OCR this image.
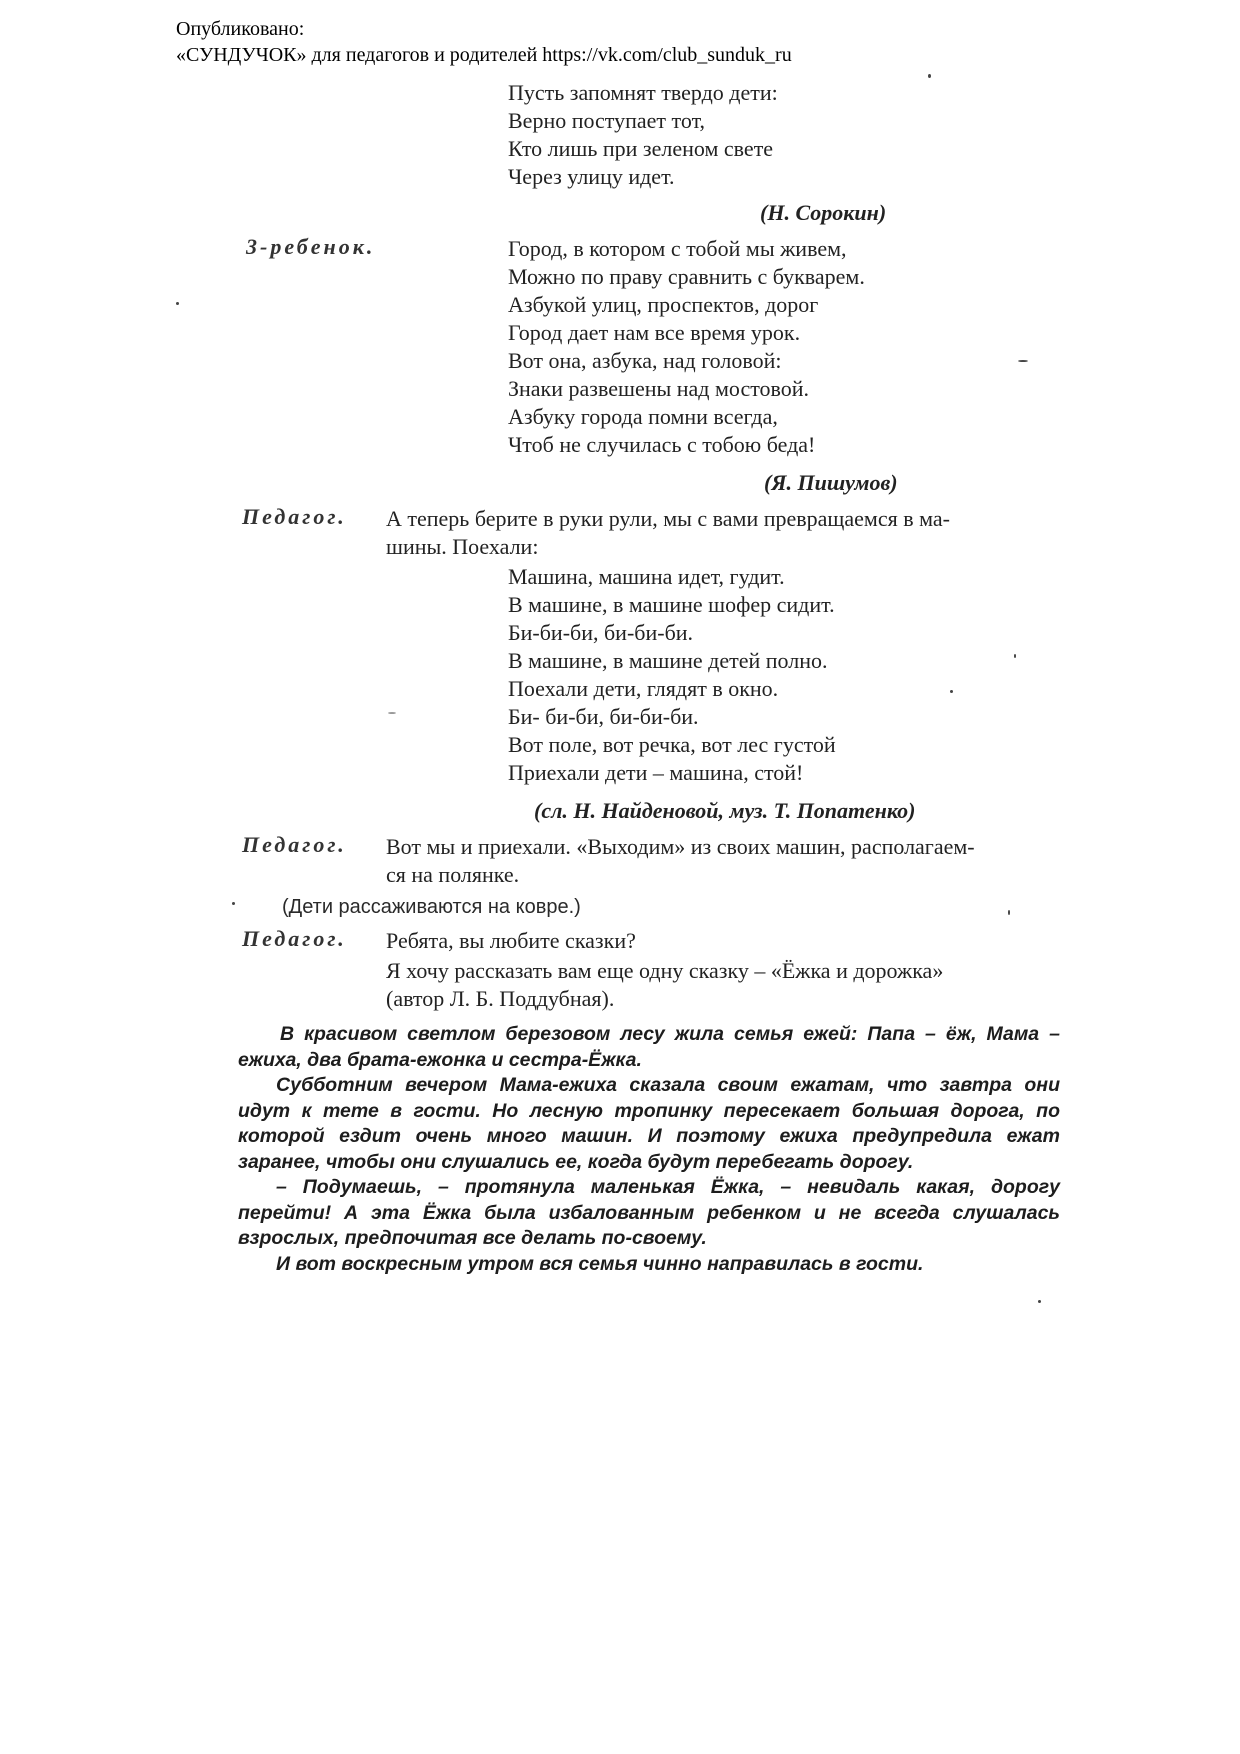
Опубликовано:
«СУНДУЧОК» для педагогов и родителей https://vk.com/club_sunduk_ru
Пусть запомнят твердо дети:
Верно поступает тот,
Кто лишь при зеленом свете
Через улицу идет.
(Н. Сорокин)
3-ребенок.	Город, в котором с тобой мы живем,
Можно по праву сравнить с букварем.
Азбукой улиц, проспектов, дорог
Город дает нам все время урок.
Вот она, азбука, над головой:
Знаки развешены над мостовой.
Азбуку города помни всегда,
Чтоб не случилась с тобою беда!
(Я. Пишумов)
Педагог. А теперь берите в руки рули, мы с вами превращаемся в ма-
шины. Поехали:
Машина, машина идет, гудит.
В машине, в машине шофер сидит.
Би-би-би, би-би-би.
В машине, в машине детей полно.
Поехали дети, глядят в окно.
Би- би-би, би-би-би.
Вот поле, вот речка, вот лес густой
Приехали дети – машина, стой!
(сл. Н. Найденовой, муз. Т. Попатенко)
Педагог. Вот мы и приехали. «Выходим» из своих машин, располагаем-
ся на полянке.
(Дети рассаживаются на ковре.)
Педагог. Ребята, вы любите сказки?
Я хочу рассказать вам еще одну сказку – «Ёжка и дорожка»
(автор Л. Б. Поддубная).

В красивом светлом березовом лесу жила семья ежей: Папа – ёж, Мама – ежиха, два брата-ежонка и сестра-Ёжка.

Субботним вечером Мама-ежиха сказала своим ежатам, что завтра они идут к тете в гости. Но лесную тропинку пересекает большая дорога, по которой ездит очень много машин. И поэтому ежиха предупредила ежат заранее, чтобы они слушались ее, когда будут перебегать дорогу.

– Подумаешь, – протянула маленькая Ёжка, – невидаль какая, дорогу перейти! А эта Ёжка была избалованным ребенком и не всегда слушалась взрослых, предпочитая все делать по-своему.

И вот воскресным утром вся семья чинно направилась в гости.
